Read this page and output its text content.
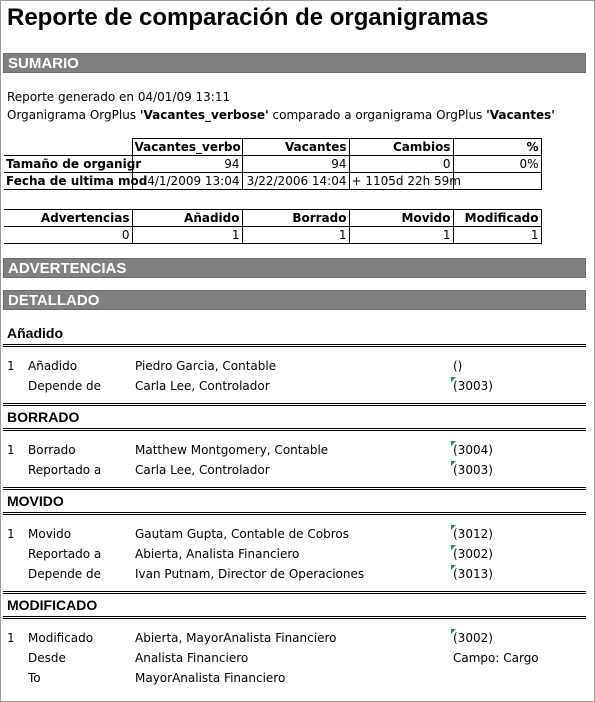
Reporte de comparación de organigramas
SUMARIO
Reporte generado en 04/01/09 13:11
Organigrama OrgPlus 'Vacantes_verbose' comparado a organigrama OrgPlus 'Vacantes'
	Vacantes_verbo	Vacantes	Cambios	%
Tamaño de organigr	94	94	0	0%
Fecha de ultima mod	4/1/2009 13:04	3/22/2006 14:04	+ 1105d 22h 59m	
Advertencias	Añadido	Borrado	Movido	Modificado
0	1	1	1	1
ADVERTENCIAS
DETALLADO
Añadido
1 Añadido	Piedro Garcia, Contable	()
Depende de	Carla Lee, Controlador	(3003)
BORRADO
1 Borrado	Matthew Montgomery, Contable	(3004)
Reportado a	Carla Lee, Controlador	(3003)
MOVIDO
1 Movido	Gautam Gupta, Contable de Cobros	(3012)
Reportado a	Abierta, Analista Financiero	(3002)
Depende de	Ivan Putnam, Director de Operaciones	(3013)
MODIFICADO
1 Modificado	Abierta, MayorAnalista Financiero	(3002)
Desde	Analista Financiero	Campo: Cargo
To	MayorAnalista Financiero
